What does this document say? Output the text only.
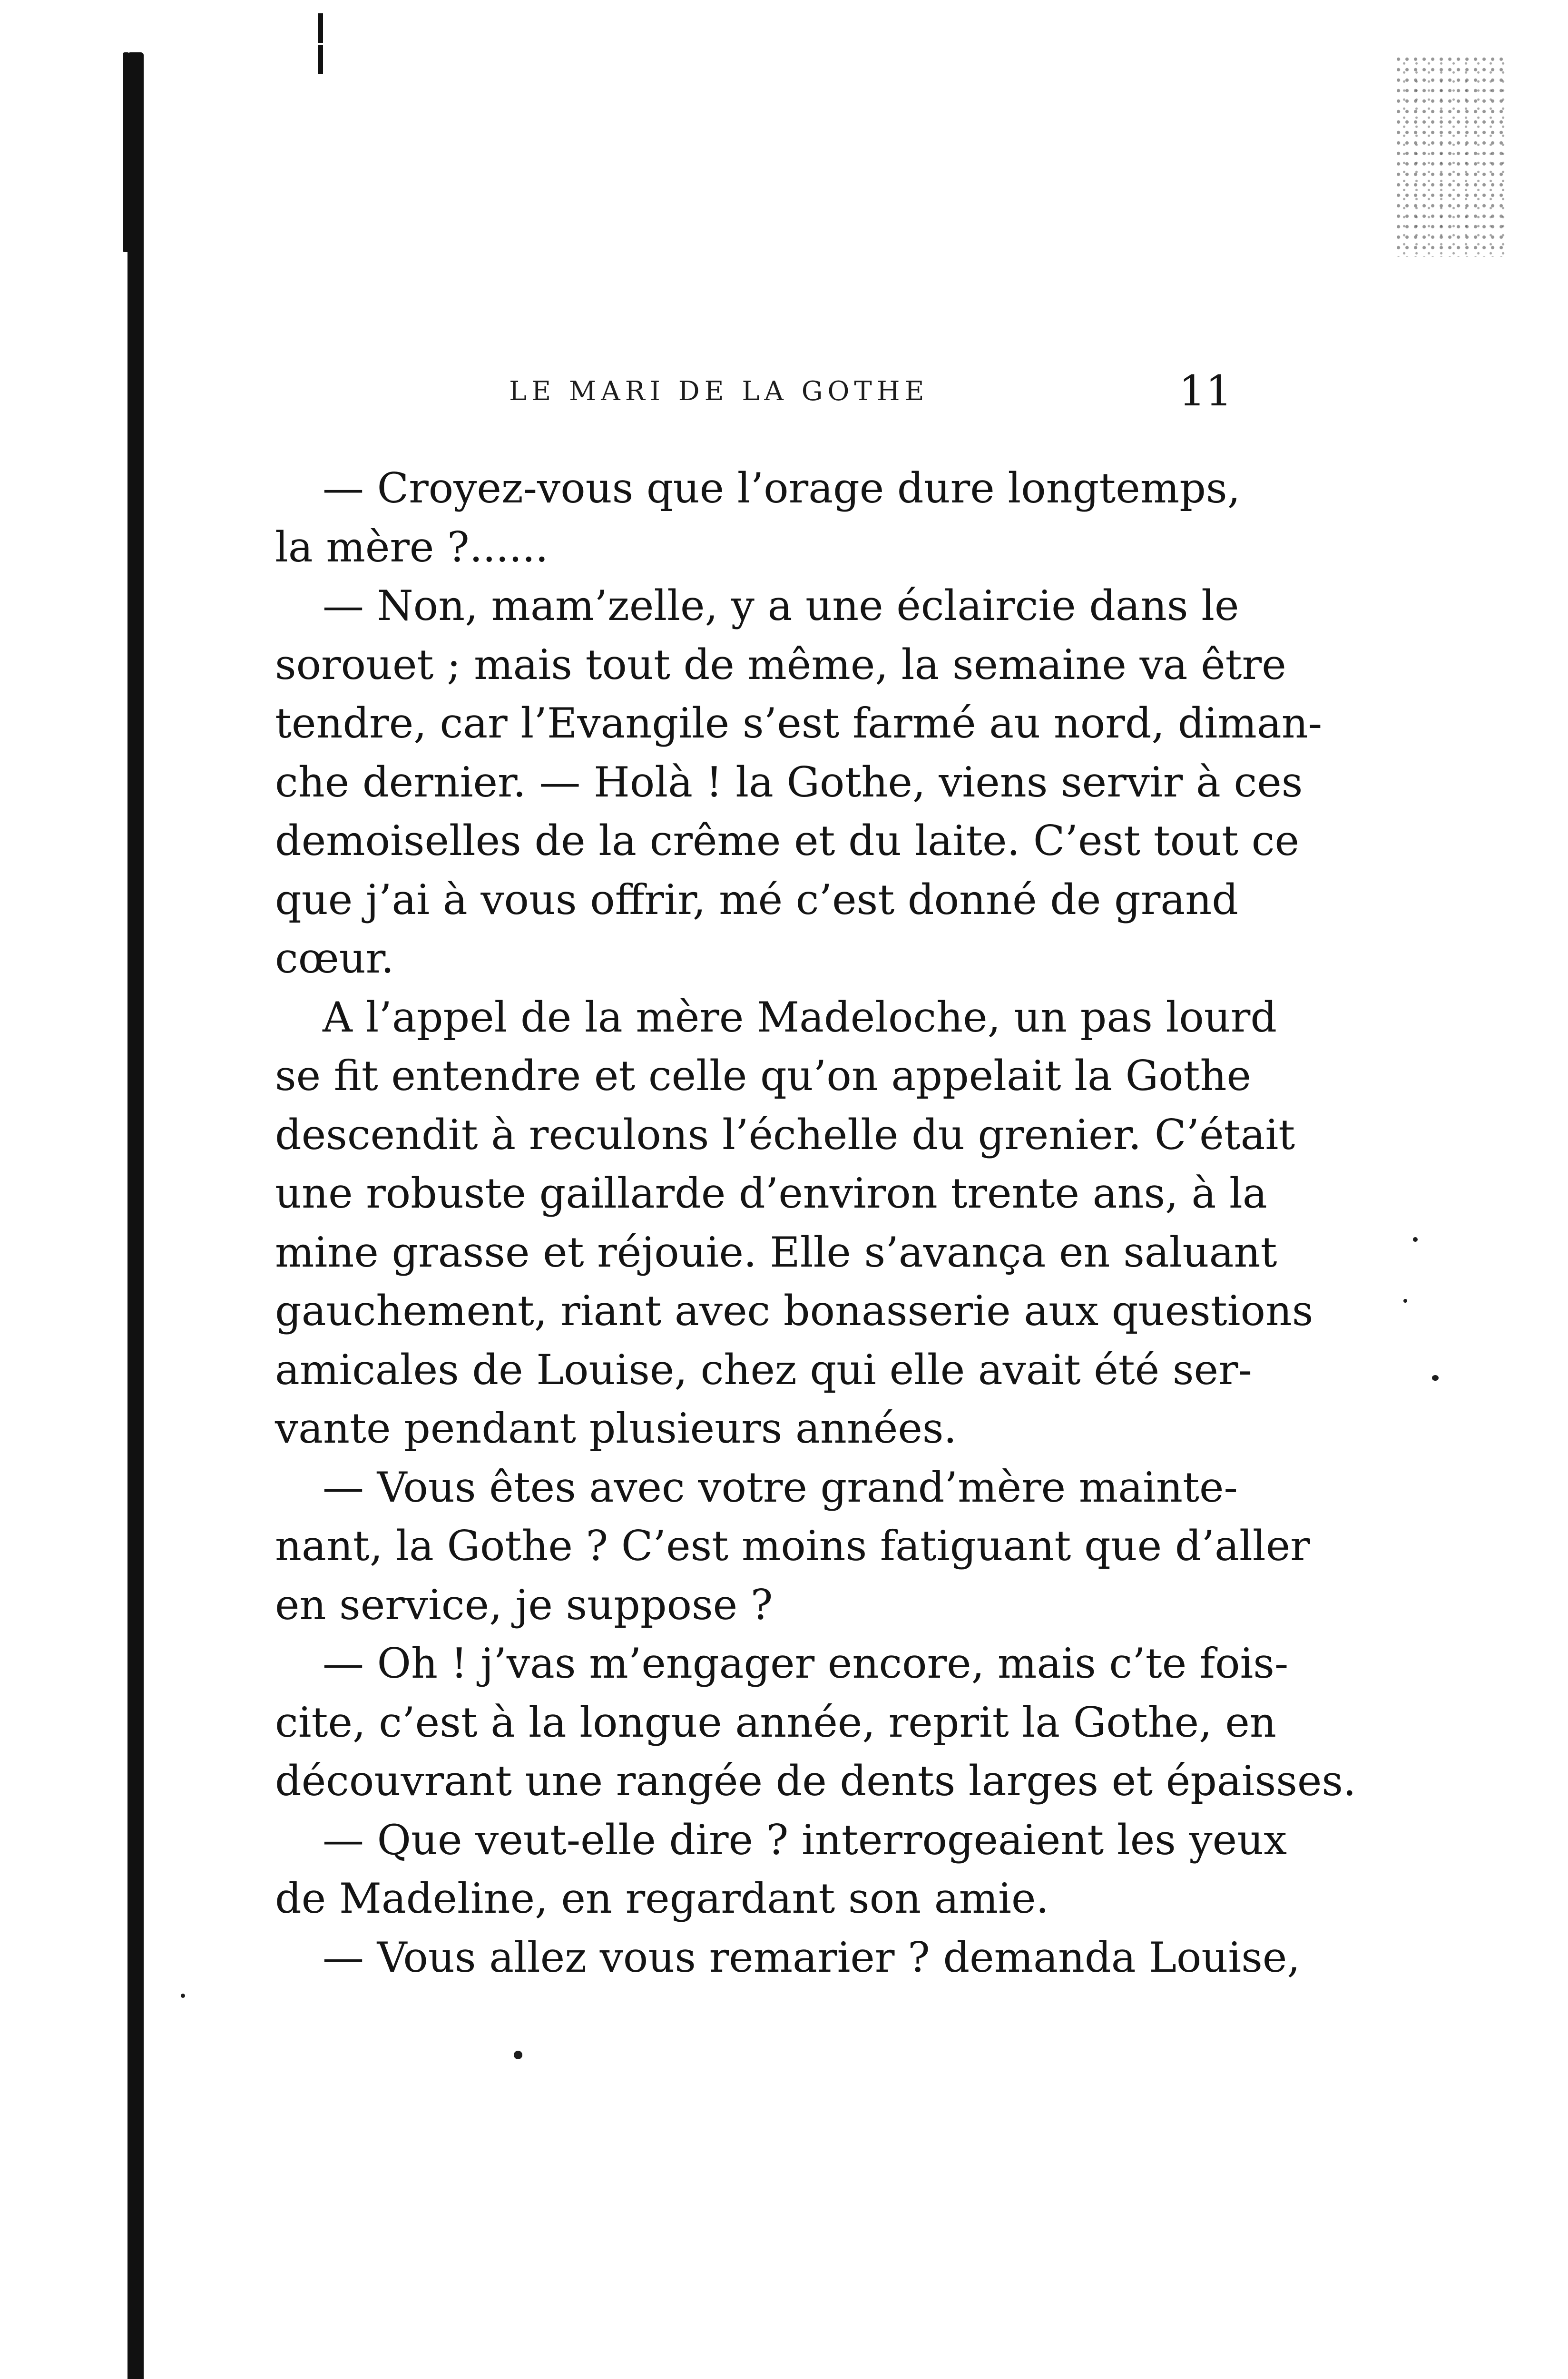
LE MARI DE LA GOTHE	11
— Croyez-vous que l’orage dure longtemps,
la mère ?......
— Non, mam’zelle, y a une éclaircie dans le
sorouet ; mais tout de même, la semaine va être
tendre, car l’Evangile s’est farmé au nord, diman-
che dernier. — Holà ! la Gothe, viens servir à ces
demoiselles de la crême et du laite. C’est tout ce
que j’ai à vous offrir, mé c’est donné de grand
cœur.
A l’appel de la mère Madeloche, un pas lourd
se fit entendre et celle qu’on appelait la Gothe
descendit à reculons l’échelle du grenier. C’était
une robuste gaillarde d’environ trente ans, à la
mine grasse et réjouie. Elle s’avança en saluant
gauchement, riant avec bonasserie aux questions
amicales de Louise, chez qui elle avait été ser-
vante pendant plusieurs années.
— Vous êtes avec votre grand’mère mainte-
nant, la Gothe ? C’est moins fatiguant que d’aller
en service, je suppose ?
— Oh ! j’vas m’engager encore, mais c’te fois-
cite, c’est à la longue année, reprit la Gothe, en
découvrant une rangée de dents larges et épaisses.
— Que veut-elle dire ? interrogeaient les yeux
de Madeline, en regardant son amie.
— Vous allez vous remarier ? demanda Louise,
